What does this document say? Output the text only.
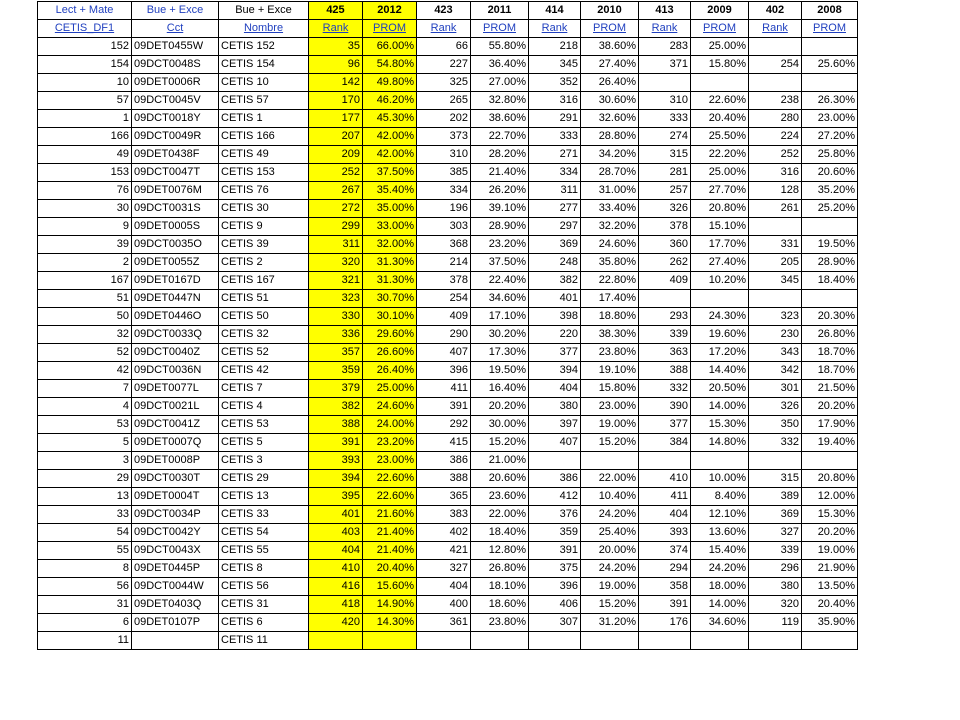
Lect + Mate	Bue + Exce	Bue + Exce	425	2012	423	2011	414	2010	413	2009	402	2008
CETIS_DF1	Cct	Nombre	Rank	PROM	Rank	PROM	Rank	PROM	Rank	PROM	Rank	PROM
152	09DET0455W	CETIS 152	35	66.00%	66	55.80%	218	38.60%	283	25.00%		
154	09DCT0048S	CETIS 154	96	54.80%	227	36.40%	345	27.40%	371	15.80%	254	25.60%
10	09DET0006R	CETIS 10	142	49.80%	325	27.00%	352	26.40%				
57	09DCT0045V	CETIS 57	170	46.20%	265	32.80%	316	30.60%	310	22.60%	238	26.30%
1	09DCT0018Y	CETIS 1	177	45.30%	202	38.60%	291	32.60%	333	20.40%	280	23.00%
166	09DCT0049R	CETIS 166	207	42.00%	373	22.70%	333	28.80%	274	25.50%	224	27.20%
49	09DET0438F	CETIS 49	209	42.00%	310	28.20%	271	34.20%	315	22.20%	252	25.80%
153	09DCT0047T	CETIS 153	252	37.50%	385	21.40%	334	28.70%	281	25.00%	316	20.60%
76	09DET0076M	CETIS 76	267	35.40%	334	26.20%	311	31.00%	257	27.70%	128	35.20%
30	09DCT0031S	CETIS 30	272	35.00%	196	39.10%	277	33.40%	326	20.80%	261	25.20%
9	09DET0005S	CETIS 9	299	33.00%	303	28.90%	297	32.20%	378	15.10%		
39	09DCT0035O	CETIS 39	311	32.00%	368	23.20%	369	24.60%	360	17.70%	331	19.50%
2	09DET0055Z	CETIS 2	320	31.30%	214	37.50%	248	35.80%	262	27.40%	205	28.90%
167	09DET0167D	CETIS 167	321	31.30%	378	22.40%	382	22.80%	409	10.20%	345	18.40%
51	09DET0447N	CETIS 51	323	30.70%	254	34.60%	401	17.40%				
50	09DET0446O	CETIS 50	330	30.10%	409	17.10%	398	18.80%	293	24.30%	323	20.30%
32	09DCT0033Q	CETIS 32	336	29.60%	290	30.20%	220	38.30%	339	19.60%	230	26.80%
52	09DCT0040Z	CETIS 52	357	26.60%	407	17.30%	377	23.80%	363	17.20%	343	18.70%
42	09DCT0036N	CETIS 42	359	26.40%	396	19.50%	394	19.10%	388	14.40%	342	18.70%
7	09DET0077L	CETIS 7	379	25.00%	411	16.40%	404	15.80%	332	20.50%	301	21.50%
4	09DCT0021L	CETIS 4	382	24.60%	391	20.20%	380	23.00%	390	14.00%	326	20.20%
53	09DCT0041Z	CETIS 53	388	24.00%	292	30.00%	397	19.00%	377	15.30%	350	17.90%
5	09DET0007Q	CETIS 5	391	23.20%	415	15.20%	407	15.20%	384	14.80%	332	19.40%
3	09DET0008P	CETIS 3	393	23.00%	386	21.00%						
29	09DCT0030T	CETIS 29	394	22.60%	388	20.60%	386	22.00%	410	10.00%	315	20.80%
13	09DET0004T	CETIS 13	395	22.60%	365	23.60%	412	10.40%	411	8.40%	389	12.00%
33	09DCT0034P	CETIS 33	401	21.60%	383	22.00%	376	24.20%	404	12.10%	369	15.30%
54	09DCT0042Y	CETIS 54	403	21.40%	402	18.40%	359	25.40%	393	13.60%	327	20.20%
55	09DCT0043X	CETIS 55	404	21.40%	421	12.80%	391	20.00%	374	15.40%	339	19.00%
8	09DET0445P	CETIS 8	410	20.40%	327	26.80%	375	24.20%	294	24.20%	296	21.90%
56	09DCT0044W	CETIS 56	416	15.60%	404	18.10%	396	19.00%	358	18.00%	380	13.50%
31	09DET0403Q	CETIS 31	418	14.90%	400	18.60%	406	15.20%	391	14.00%	320	20.40%
6	09DET0107P	CETIS 6	420	14.30%	361	23.80%	307	31.20%	176	34.60%	119	35.90%
11		CETIS 11										
